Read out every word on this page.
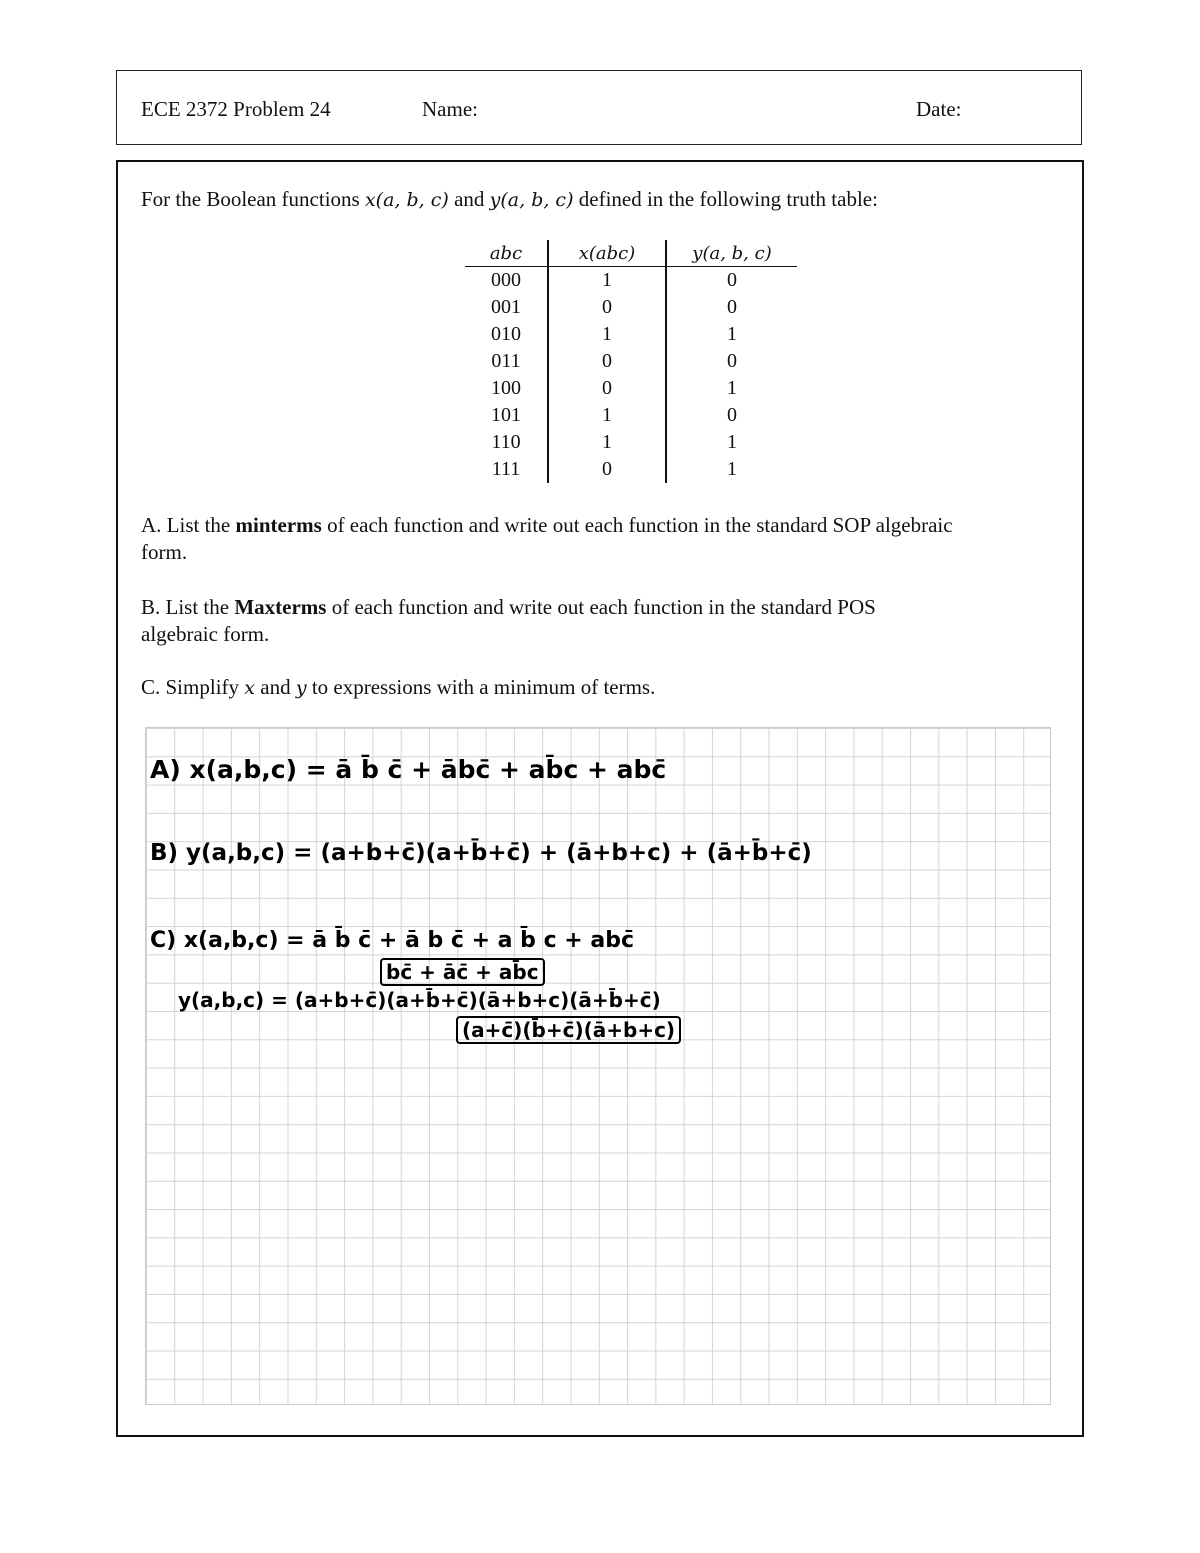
ECE 2372 Problem 24	Name:	Date:
For the Boolean functions x(a, b, c) and y(a, b, c) defined in the following truth table:
abc	x(abc)	y(a, b, c)
000	1	0
001	0	0
010	1	1
011	0	0
100	0	1
101	1	0
110	1	1
111	0	1
A. List the minterms of each function and write out each function in the standard SOP algebraic
form.
B. List the Maxterms of each function and write out each function in the standard POS
algebraic form.
C. Simplify x and y to expressions with a minimum of terms.
A) x(a,b,c) = ā b̄ c̄ + ābc̄ + ab̄c + abc̄
B) y(a,b,c) = (a+b+c̄)(a+b̄+c̄) + (ā+b+c) + (ā+b̄+c̄)
C) x(a,b,c) = ā b̄ c̄ + ā b c̄ + a b̄ c + abc̄
bc̄ + āc̄ + ab̄c
y(a,b,c) = (a+b+c̄)(a+b̄+c̄)(ā+b+c)(ā+b̄+c̄)
(a+c̄)(b̄+c̄)(ā+b+c)
